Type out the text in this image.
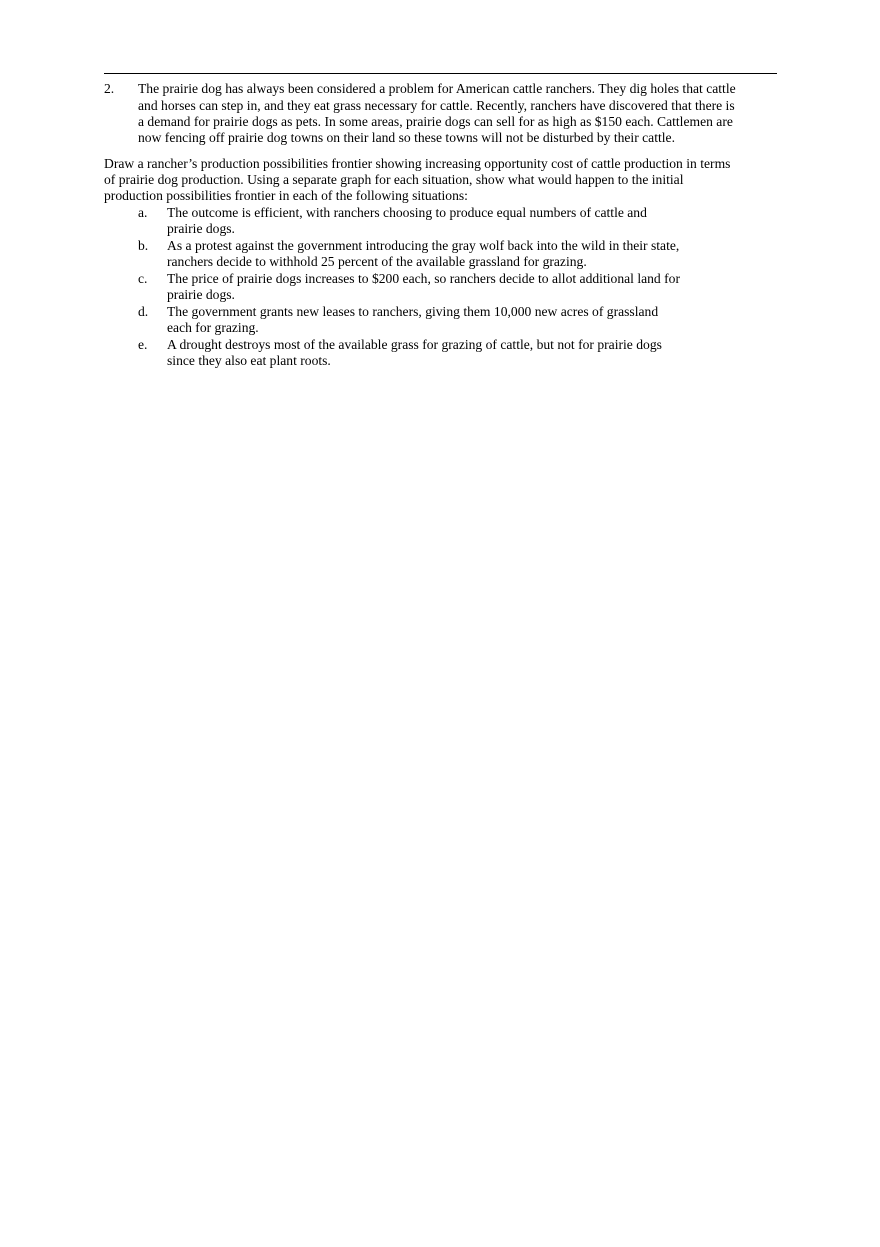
2. The prairie dog has always been considered a problem for American cattle ranchers. They dig holes that cattle
and horses can step in, and they eat grass necessary for cattle. Recently, ranchers have discovered that there is
a demand for prairie dogs as pets. In some areas, prairie dogs can sell for as high as $150 each. Cattlemen are
now fencing off prairie dog towns on their land so these towns will not be disturbed by their cattle.
Draw a rancher’s production possibilities frontier showing increasing opportunity cost of cattle production in terms
of prairie dog production. Using a separate graph for each situation, show what would happen to the initial
production possibilities frontier in each of the following situations:
a. The outcome is efficient, with ranchers choosing to produce equal numbers of cattle and
prairie dogs.
b. As a protest against the government introducing the gray wolf back into the wild in their state,
ranchers decide to withhold 25 percent of the available grassland for grazing.
c. The price of prairie dogs increases to $200 each, so ranchers decide to allot additional land for
prairie dogs.
d. The government grants new leases to ranchers, giving them 10,000 new acres of grassland
each for grazing.
e. A drought destroys most of the available grass for grazing of cattle, but not for prairie dogs
since they also eat plant roots.
